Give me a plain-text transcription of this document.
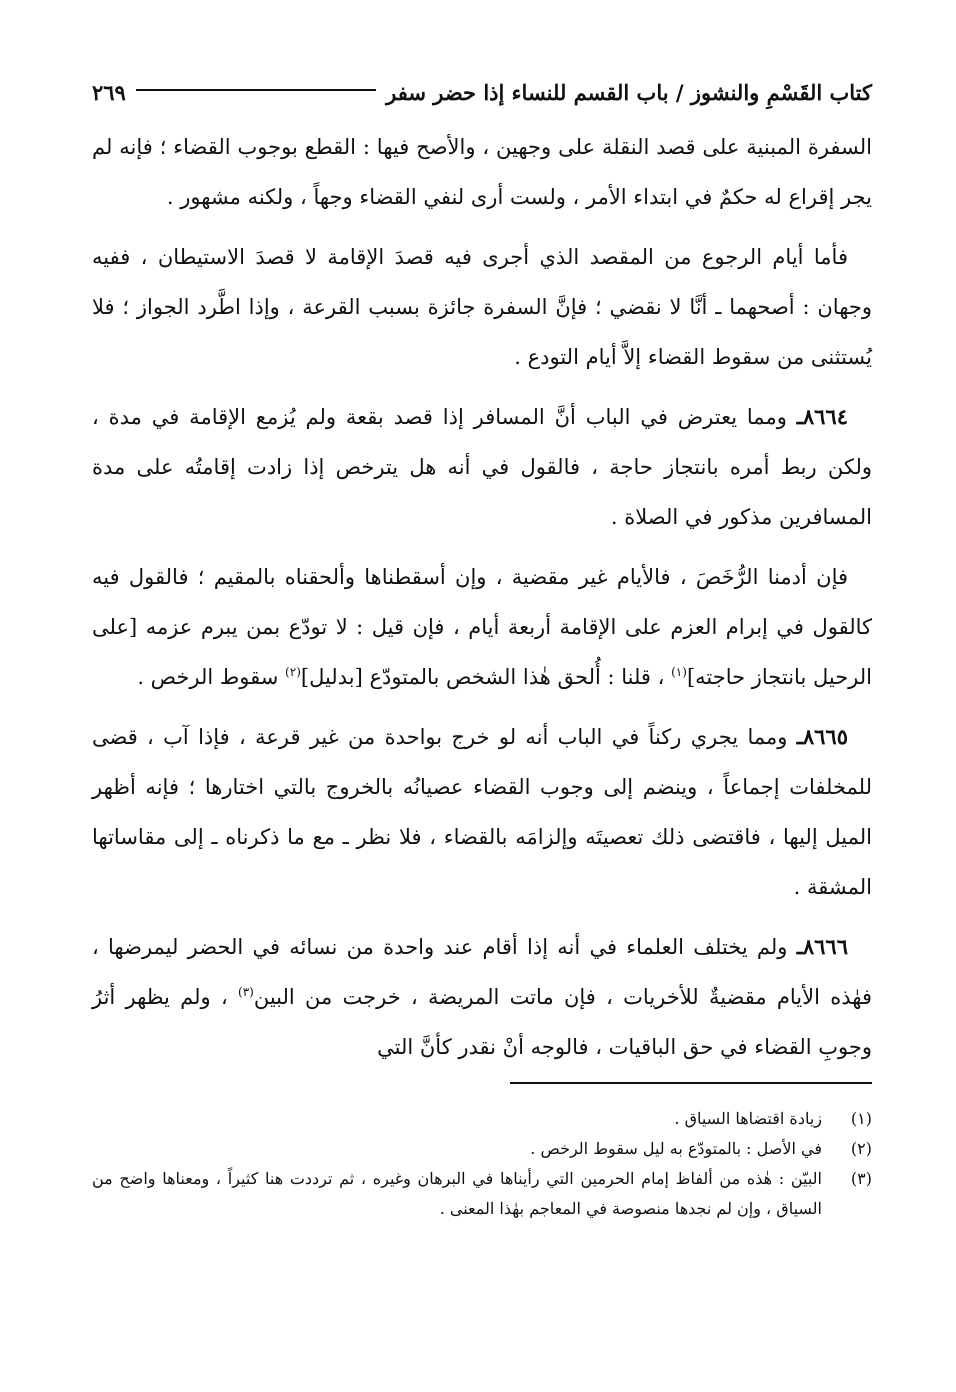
كتاب القَسْمِ والنشوز / باب القسم للنساء إذا حضر سفر
٢٦٩

السفرة المبنية على قصد النقلة على وجهين ، والأصح فيها : القطع بوجوب القضاء ؛ فإنه لم يجر إقراع له حكمٌ في ابتداء الأمر ، ولست أرى لنفي القضاء وجهاً ، ولكنه مشهور .

فأما أيام الرجوع من المقصد الذي أجرى فيه قصدَ الإقامة لا قصدَ الاستيطان ، ففيه وجهان : أصحهما ـ أنَّا لا نقضي ؛ فإنَّ السفرة جائزة بسبب القرعة ، وإذا اطَّرد الجواز ؛ فلا يُستثنى من سقوط القضاء إلاَّ أيام التودع .

٨٦٦٤ـ ومما يعترض في الباب أنَّ المسافر إذا قصد بقعة ولم يُزمع الإقامة في مدة ، ولكن ربط أمره بانتجاز حاجة ، فالقول في أنه هل يترخص إذا زادت إقامتُه على مدة المسافرين مذكور في الصلاة .

فإن أدمنا الرُّخَصَ ، فالأيام غير مقضية ، وإن أسقطناها وألحقناه بالمقيم ؛ فالقول فيه كالقول في إبرام العزم على الإقامة أربعة أيام ، فإن قيل : لا تودّع بمن يبرم عزمه [على الرحيل بانتجاز حاجته]$^{(١)}$ ، قلنا : أُلحق هٰذا الشخص بالمتودّع [بدليل]$^{(٢)}$ سقوط الرخص .

٨٦٦٥ـ ومما يجري ركناً في الباب أنه لو خرج بواحدة من غير قرعة ، فإذا آب ، قضى للمخلفات إجماعاً ، وينضم إلى وجوب القضاء عصيانُه بالخروج بالتي اختارها ؛ فإنه أظهر الميل إليها ، فاقتضى ذلك تعصيتَه وإلزامَه بالقضاء ، فلا نظر ـ مع ما ذكرناه ـ إلى مقاساتها المشقة .

٨٦٦٦ـ ولم يختلف العلماء في أنه إذا أقام عند واحدة من نسائه في الحضر ليمرضها ، فهٰذه الأيام مقضيةٌ للأخريات ، فإن ماتت المريضة ، خرجت من البين$^{(٣)}$ ، ولم يظهر أثرُ وجوبِ القضاء في حق الباقيات ، فالوجه أنْ نقدر كأنَّ التي

(١)
زيادة اقتضاها السياق .
(٢)
في الأصل : بالمتودّع به ليل سقوط الرخص .
(٣)
البيّن : هٰذه من ألفاظ إمام الحرمين التي رأيناها في البرهان وغيره ، ثم ترددت هنا كثيراً ، ومعناها واضح من السياق ، وإن لم نجدها منصوصة في المعاجم بهٰذا المعنى .
